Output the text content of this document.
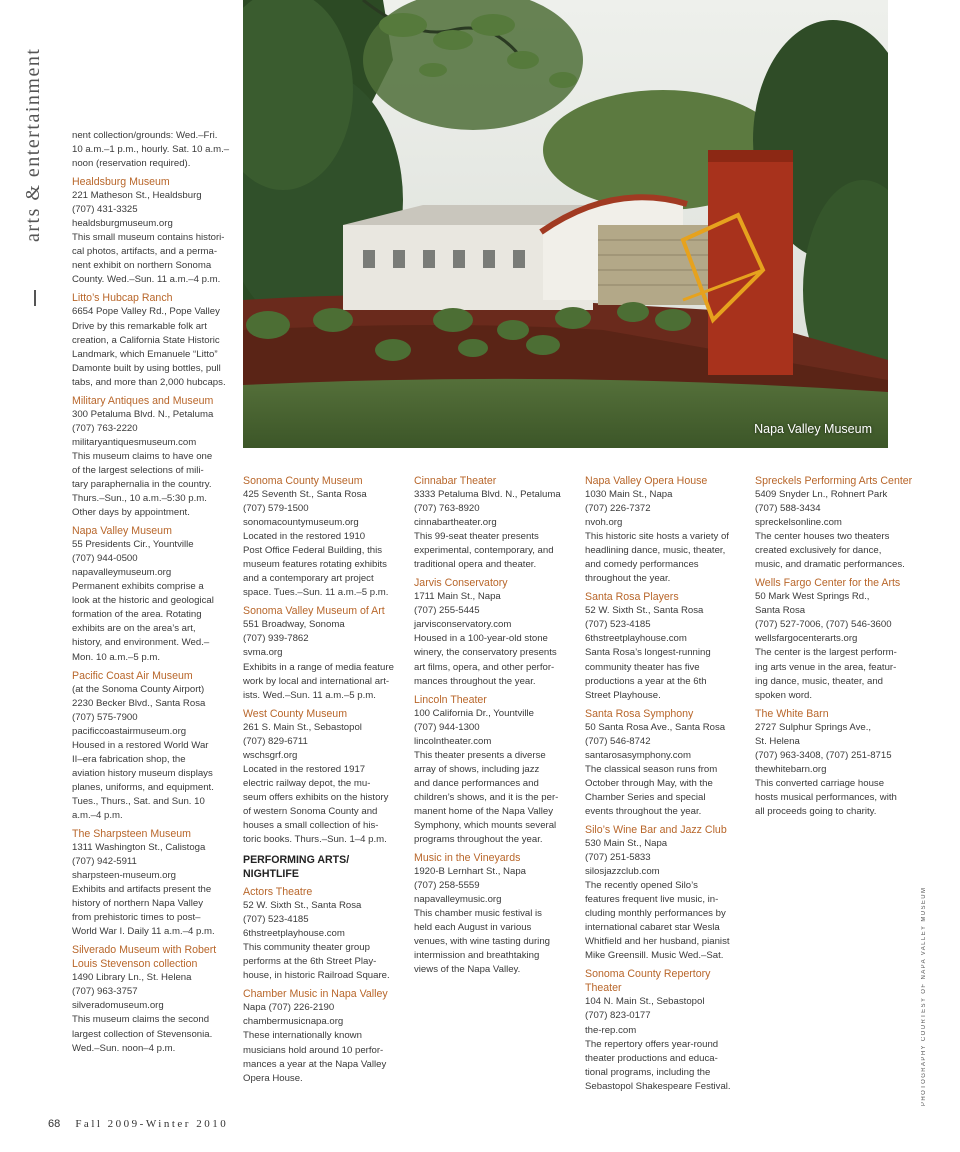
arts & entertainment
Napa Valley Museum
nent collection/grounds: Wed.–Fri.
10 a.m.–1 p.m., hourly. Sat. 10 a.m.–
noon (reservation required).
Healdsburg Museum
221 Matheson St., Healdsburg
(707) 431-3325
healdsburgmuseum.org
This small museum contains histori-
cal photos, artifacts, and a perma-
nent exhibit on northern Sonoma
County. Wed.–Sun. 11 a.m.–4 p.m.
Litto’s Hubcap Ranch
6654 Pope Valley Rd., Pope Valley
Drive by this remarkable folk art
creation, a California State Historic
Landmark, which Emanuele “Litto”
Damonte built by using bottles, pull
tabs, and more than 2,000 hubcaps.
Military Antiques and Museum
300 Petaluma Blvd. N., Petaluma
(707) 763-2220
militaryantiquesmuseum.com
This museum claims to have one
of the largest selections of mili-
tary paraphernalia in the country.
Thurs.–Sun., 10 a.m.–5:30 p.m.
Other days by appointment.
Napa Valley Museum
55 Presidents Cir., Yountville
(707) 944-0500
napavalleymuseum.org
Permanent exhibits comprise a
look at the historic and geological
formation of the area. Rotating
exhibits are on the area’s art,
history, and environment. Wed.–
Mon. 10 a.m.–5 p.m.
Pacific Coast Air Museum
(at the Sonoma County Airport)
2230 Becker Blvd., Santa Rosa
(707) 575-7900
pacificcoastairmuseum.org
Housed in a restored World War
II–era fabrication shop, the
aviation history museum displays
planes, uniforms, and equipment.
Tues., Thurs., Sat. and Sun. 10
a.m.–4 p.m.
The Sharpsteen Museum
1311 Washington St., Calistoga
(707) 942-5911
sharpsteen-museum.org
Exhibits and artifacts present the
history of northern Napa Valley
from prehistoric times to post–
World War I. Daily 11 a.m.–4 p.m.
Silverado Museum with Robert Louis Stevenson collection
1490 Library Ln., St. Helena
(707) 963-3757
silveradomuseum.org
This museum claims the second
largest collection of Stevensonia.
Wed.–Sun. noon–4 p.m.
Sonoma County Museum
425 Seventh St., Santa Rosa
(707) 579-1500
sonomacountymuseum.org
Located in the restored 1910
Post Office Federal Building, this
museum features rotating exhibits
and a contemporary art project
space. Tues.–Sun. 11 a.m.–5 p.m.
Sonoma Valley Museum of Art
551 Broadway, Sonoma
(707) 939-7862
svma.org
Exhibits in a range of media feature
work by local and international art-
ists. Wed.–Sun. 11 a.m.–5 p.m.
West County Museum
261 S. Main St., Sebastopol
(707) 829-6711
wschsgrf.org
Located in the restored 1917
electric railway depot, the mu-
seum offers exhibits on the history
of western Sonoma County and
houses a small collection of his-
toric books. Thurs.–Sun. 1–4 p.m.
PERFORMING ARTS/
NIGHTLIFE
Actors Theatre
52 W. Sixth St., Santa Rosa
(707) 523-4185
6thstreetplayhouse.com
This community theater group
performs at the 6th Street Play-
house, in historic Railroad Square.
Chamber Music in Napa Valley
Napa (707) 226-2190
chambermusicnapa.org
These internationally known
musicians hold around 10 perfor-
mances a year at the Napa Valley
Opera House.
Cinnabar Theater
3333 Petaluma Blvd. N., Petaluma
(707) 763-8920
cinnabartheater.org
This 99-seat theater presents
experimental, contemporary, and
traditional opera and theater.
Jarvis Conservatory
1711 Main St., Napa
(707) 255-5445
jarvisconservatory.com
Housed in a 100-year-old stone
winery, the conservatory presents
art films, opera, and other perfor-
mances throughout the year.
Lincoln Theater
100 California Dr., Yountville
(707) 944-1300
lincolntheater.com
This theater presents a diverse
array of shows, including jazz
and dance performances and
children’s shows, and it is the per-
manent home of the Napa Valley
Symphony, which mounts several
programs throughout the year.
Music in the Vineyards
1920-B Lernhart St., Napa
(707) 258-5559
napavalleymusic.org
This chamber music festival is
held each August in various
venues, with wine tasting during
intermission and breathtaking
views of the Napa Valley.
Napa Valley Opera House
1030 Main St., Napa
(707) 226-7372
nvoh.org
This historic site hosts a variety of
headlining dance, music, theater,
and comedy performances
throughout the year.
Santa Rosa Players
52 W. Sixth St., Santa Rosa
(707) 523-4185
6thstreetplayhouse.com
Santa Rosa’s longest-running
community theater has five
productions a year at the 6th
Street Playhouse.
Santa Rosa Symphony
50 Santa Rosa Ave., Santa Rosa
(707) 546-8742
santarosasymphony.com
The classical season runs from
October through May, with the
Chamber Series and special
events throughout the year.
Silo’s Wine Bar and Jazz Club
530 Main St., Napa
(707) 251-5833
silosjazzclub.com
The recently opened Silo’s
features frequent live music, in-
cluding monthly performances by
international cabaret star Wesla
Whitfield and her husband, pianist
Mike Greensill. Music Wed.–Sat.
Sonoma County Repertory Theater
104 N. Main St., Sebastopol
(707) 823-0177
the-rep.com
The repertory offers year-round
theater productions and educa-
tional programs, including the
Sebastopol Shakespeare Festival.
Spreckels Performing Arts Center
5409 Snyder Ln., Rohnert Park
(707) 588-3434
spreckelsonline.com
The center houses two theaters
created exclusively for dance,
music, and dramatic performances.
Wells Fargo Center for the Arts
50 Mark West Springs Rd.,
Santa Rosa
(707) 527-7006, (707) 546-3600
wellsfargocenterarts.org
The center is the largest perform-
ing arts venue in the area, featur-
ing dance, music, theater, and
spoken word.
The White Barn
2727 Sulphur Springs Ave.,
St. Helena
(707) 963-3408, (707) 251-8715
thewhitebarn.org
This converted carriage house
hosts musical performances, with
all proceeds going to charity.
68 Fall 2009-Winter 2010
PHOTOGRAPHY COURTESY OF NAPA VALLEY MUSEUM
